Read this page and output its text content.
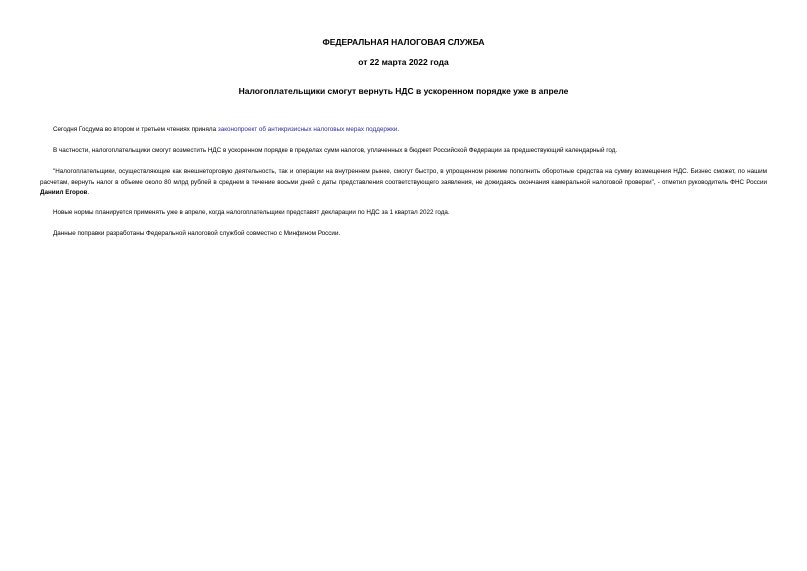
ФЕДЕРАЛЬНАЯ НАЛОГОВАЯ СЛУЖБА
от 22 марта 2022 года
Налогоплательщики смогут вернуть НДС в ускоренном порядке уже в апреле
Сегодня Госдума во втором и третьем чтениях приняла законопроект об антикризисных налоговых мерах поддержки.
В частности, налогоплательщики смогут возместить НДС в ускоренном порядке в пределах сумм налогов, уплаченных в бюджет Российской Федерации за предшествующий календарный год.
"Налогоплательщики, осуществляющие как внешнеторговую деятельность, так и операции на внутреннем рынке, смогут быстро, в упрощенном режиме пополнить оборотные средства на сумму возмещения НДС. Бизнес сможет, по нашим расчетам, вернуть налог в объеме около 80 млрд рублей в среднем в течение восьми дней с даты представления соответствующего заявления, не дожидаясь окончания камеральной налоговой проверки", - отметил руководитель ФНС России Даниил Егоров.
Новые нормы планируется применять уже в апреле, когда налогоплательщики представят декларации по НДС за 1 квартал 2022 года.
Данные поправки разработаны Федеральной налоговой службой совместно с Минфином России.
